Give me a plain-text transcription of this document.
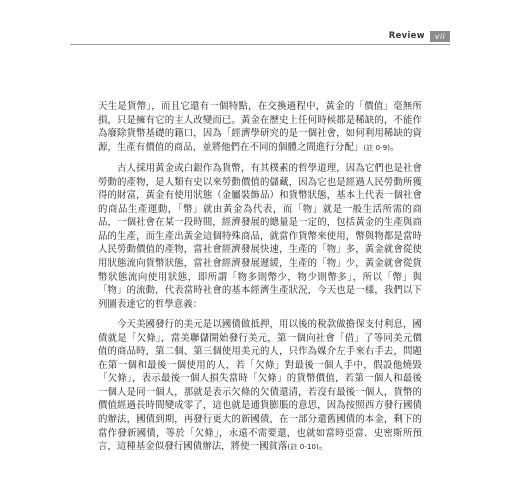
Review	vii

天生是貨幣」，而且它還有一個特點，在交換過程中，黃金的「價值」毫無所損，只是擁有它的主人改變而已。黃金在歷史上任何時候都是稀缺的，不能作為廢除貨幣基礎的籍口，因為「經濟學研究的是一個社會，如何利用稀缺的資源，生產有價值的商品，並將他們在不同的個體之間進行分配」(註 0-9)。

古人採用黃金或白銀作為貨幣，有其樸素的哲學道理，因為它們也是社會勞動的產物，是人類有史以來勞動價值的儲藏，因為它也是經過人民勞動所獲得的財富，黃金有使用狀態（金屬裝飾品）和貨幣狀態，基本上代表一個社會的商品生產運動，「幣」就由黃金為代表，而「物」就是一般生活所需的商品，一個社會在某一段時間，經濟發展的總量是一定的，包括黃金的生產與商品的生產，而生產出黃金這個特殊商品，就當作貨幣來使用，幣與物都是當時人民勞動價值的產物，當社會經濟發展快速，生產的「物」多，黃金就會從使用狀態流向貨幣狀態，當社會經濟發展遲緩，生產的「物」少，黃金就會從貨幣狀態流向使用狀態，即所謂「物多則幣少，物少則幣多」，所以「幣」與「物」的流動，代表當時社會的基本經濟生產狀況，今天也是一樣，我們以下列圖表達它的哲學意義：

今天美國發行的美元是以國債做抵押，用以後的稅款做擔保支付利息，國債就是「欠條」，當美聯儲開始發行美元，第一個向社會「借」了等同美元價值的商品時，第二個、第三個使用美元的人，只作為媒介左手來右手去，問題在第一個和最後一個使用的人，若「欠條」對最後一個人手中，假設他燒毀「欠條」，表示最後一個人損失當時「欠條」的貨幣價值，若第一個人和最後一個人是同一個人，那就是表示欠條的欠債還清，若沒有最後一個人，貨幣的價值經過長時間變成零了，這也就是通貨膨脹的意思，因為按照西方發行國債的辦法，國債到期，再發行更大的新國債，在一部分還舊國債的本金，剩下的當作發新國債，等於「欠條」，永遠不需要還，也就如當時亞當．史密斯所預言，這種基金似發行國債辦法，將使一國貧落(註 0-10)。
